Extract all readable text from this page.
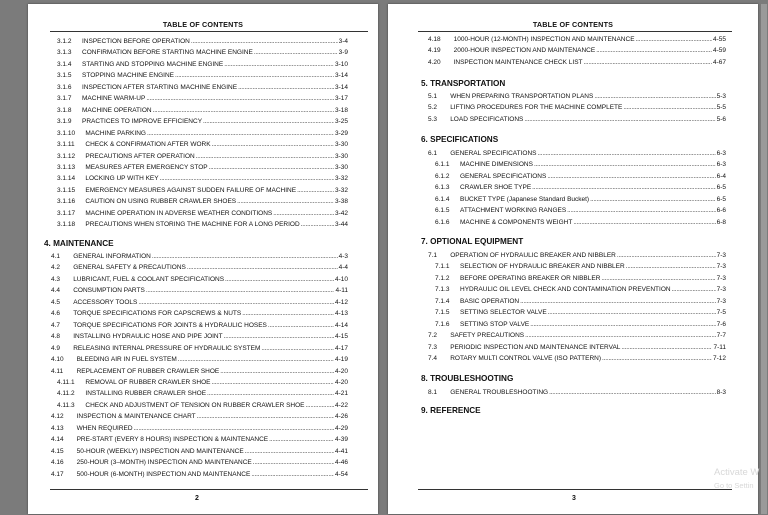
TABLE OF CONTENTS
3.1.2	INSPECTION BEFORE OPERATION .....	3-4
3.1.3	CONFIRMATION BEFORE STARTING MACHINE ENGINE .....	3-9
3.1.4	STARTING AND STOPPING MACHINE ENGINE .....	3-10
3.1.5	STOPPING MACHINE ENGINE .....	3-14
3.1.6	INSPECTION AFTER STARTING MACHINE ENGINE .....	3-14
3.1.7	MACHINE WARM-UP .....	3-17
3.1.8	MACHINE OPERATION .....	3-18
3.1.9	PRACTICES TO IMPROVE EFFICIENCY .....	3-25
3.1.10	MACHINE PARKING .....	3-29
3.1.11	CHECK & CONFIRMATION AFTER WORK .....	3-30
3.1.12	PRECAUTIONS AFTER OPERATION .....	3-30
3.1.13	MEASURES AFTER EMERGENCY STOP .....	3-30
3.1.14	LOCKING UP WITH KEY .....	3-32
3.1.15	EMERGENCY MEASURES AGAINST SUDDEN FAILURE OF MACHINE .....	3-32
3.1.16	CAUTION ON USING RUBBER CRAWLER SHOES .....	3-38
3.1.17	MACHINE OPERATION IN ADVERSE WEATHER CONDITIONS .....	3-42
3.1.18	PRECAUTIONS WHEN STORING THE MACHINE FOR A LONG PERIOD .....	3-44
4. MAINTENANCE
4.1	GENERAL INFORMATION .....	4-3
4.2	GENERAL SAFETY & PRECAUTIONS .....	4-4
4.3	LUBRICANT, FUEL & COOLANT SPECIFICATIONS .....	4-10
4.4	CONSUMPTION PARTS .....	4-11
4.5	ACCESSORY TOOLS .....	4-12
4.6	TORQUE SPECIFICATIONS FOR CAPSCREWS & NUTS .....	4-13
4.7	TORQUE SPECIFICATIONS FOR JOINTS & HYDRAULIC HOSES .....	4-14
4.8	INSTALLING HYDRAULIC HOSE AND PIPE JOINT .....	4-15
4.9	RELEASING INTERNAL PRESSURE OF HYDRAULIC SYSTEM .....	4-17
4.10	BLEEDING AIR IN FUEL SYSTEM .....	4-19
4.11	REPLACEMENT OF RUBBER CRAWLER SHOE .....	4-20
4.11.1	REMOVAL OF RUBBER CRAWLER SHOE .....	4-20
4.11.2	INSTALLING RUBBER CRAWLER SHOE .....	4-21
4.11.3	CHECK AND ADJUSTMENT OF TENSION ON RUBBER CRAWLER SHOE .....	4-22
4.12	INSPECTION & MAINTENANCE CHART .....	4-26
4.13	WHEN REQUIRED .....	4-29
4.14	PRE-START (EVERY 8 HOURS) INSPECTION & MAINTENANCE .....	4-39
4.15	50-HOUR (WEEKLY) INSPECTION AND MAINTENANCE .....	4-41
4.16	250-HOUR (3–MONTH) INSPECTION AND MAINTENANCE .....	4-46
4.17	500-HOUR (6-MONTH) INSPECTION AND MAINTENANCE .....	4-54
2
TABLE OF CONTENTS
4.18	1000-HOUR (12-MONTH) INSPECTION AND MAINTENANCE .....	4-55
4.19	2000-HOUR INSPECTION AND MAINTENANCE .....	4-59
4.20	INSPECTION MAINTENANCE CHECK LIST .....	4-67
5. TRANSPORTATION
5.1	WHEN PREPARING TRANSPORTATION PLANS .....	5-3
5.2	LIFTING PROCEDURES FOR THE MACHINE COMPLETE .....	5-5
5.3	LOAD SPECIFICATIONS .....	5-6
6. SPECIFICATIONS
6.1	GENERAL SPECIFICATIONS .....	6-3
6.1.1	MACHINE DIMENSIONS .....	6-3
6.1.2	GENERAL SPECIFICATIONS .....	6-4
6.1.3	CRAWLER SHOE TYPE .....	6-5
6.1.4	BUCKET TYPE (Japanese Standard Bucket) .....	6-5
6.1.5	ATTACHMENT WORKING RANGES .....	6-6
6.1.6	MACHINE & COMPONENTS WEIGHT .....	6-8
7. OPTIONAL EQUIPMENT
7.1	OPERATION OF HYDRAULIC BREAKER AND NIBBLER .....	7-3
7.1.1	SELECTION OF HYDRAULIC BREAKER AND NIBBLER .....	7-3
7.1.2	BEFORE OPERATING BREAKER OR NIBBLER .....	7-3
7.1.3	HYDRAULIC OIL LEVEL CHECK AND CONTAMINATION PREVENTION .....	7-3
7.1.4	BASIC OPERATION .....	7-3
7.1.5	SETTING SELECTOR VALVE .....	7-5
7.1.6	SETTING STOP VALVE .....	7-6
7.2	SAFETY PRECAUTIONS .....	7-7
7.3	PERIODIC INSPECTION AND MAINTENANCE INTERVAL .....	7-11
7.4	ROTARY MULTI CONTROL VALVE (ISO PATTERN) .....	7-12
8. TROUBLESHOOTING
8.1	GENERAL TROUBLESHOOTING .....	8-3
9. REFERENCE
3
Activate W
Go to Settin
